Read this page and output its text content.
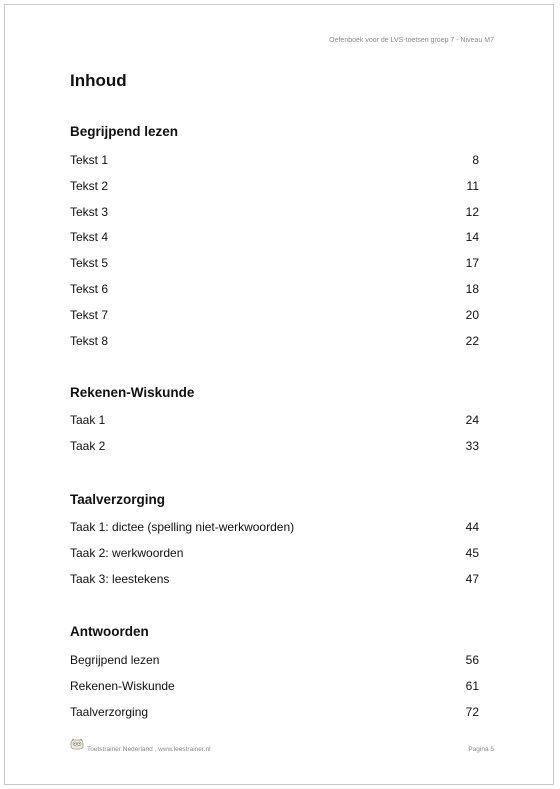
Oefenboek voor de LVS-toetsen groep 7 - Niveau M7
Inhoud
Begrijpend lezen
Tekst 1	8
Tekst 2	11
Tekst 3	12
Tekst 4	14
Tekst 5	17
Tekst 6	18
Tekst 7	20
Tekst 8	22
Rekenen-Wiskunde
Taak 1	24
Taak 2	33
Taalverzorging
Taak 1: dictee (spelling niet-werkwoorden)	44
Taak 2: werkwoorden	45
Taak 3: leestekens	47
Antwoorden
Begrijpend lezen	56
Rekenen-Wiskunde	61
Taalverzorging	72
Toetstrainer Nederland , www.leestrainer.nl	Pagina 5
